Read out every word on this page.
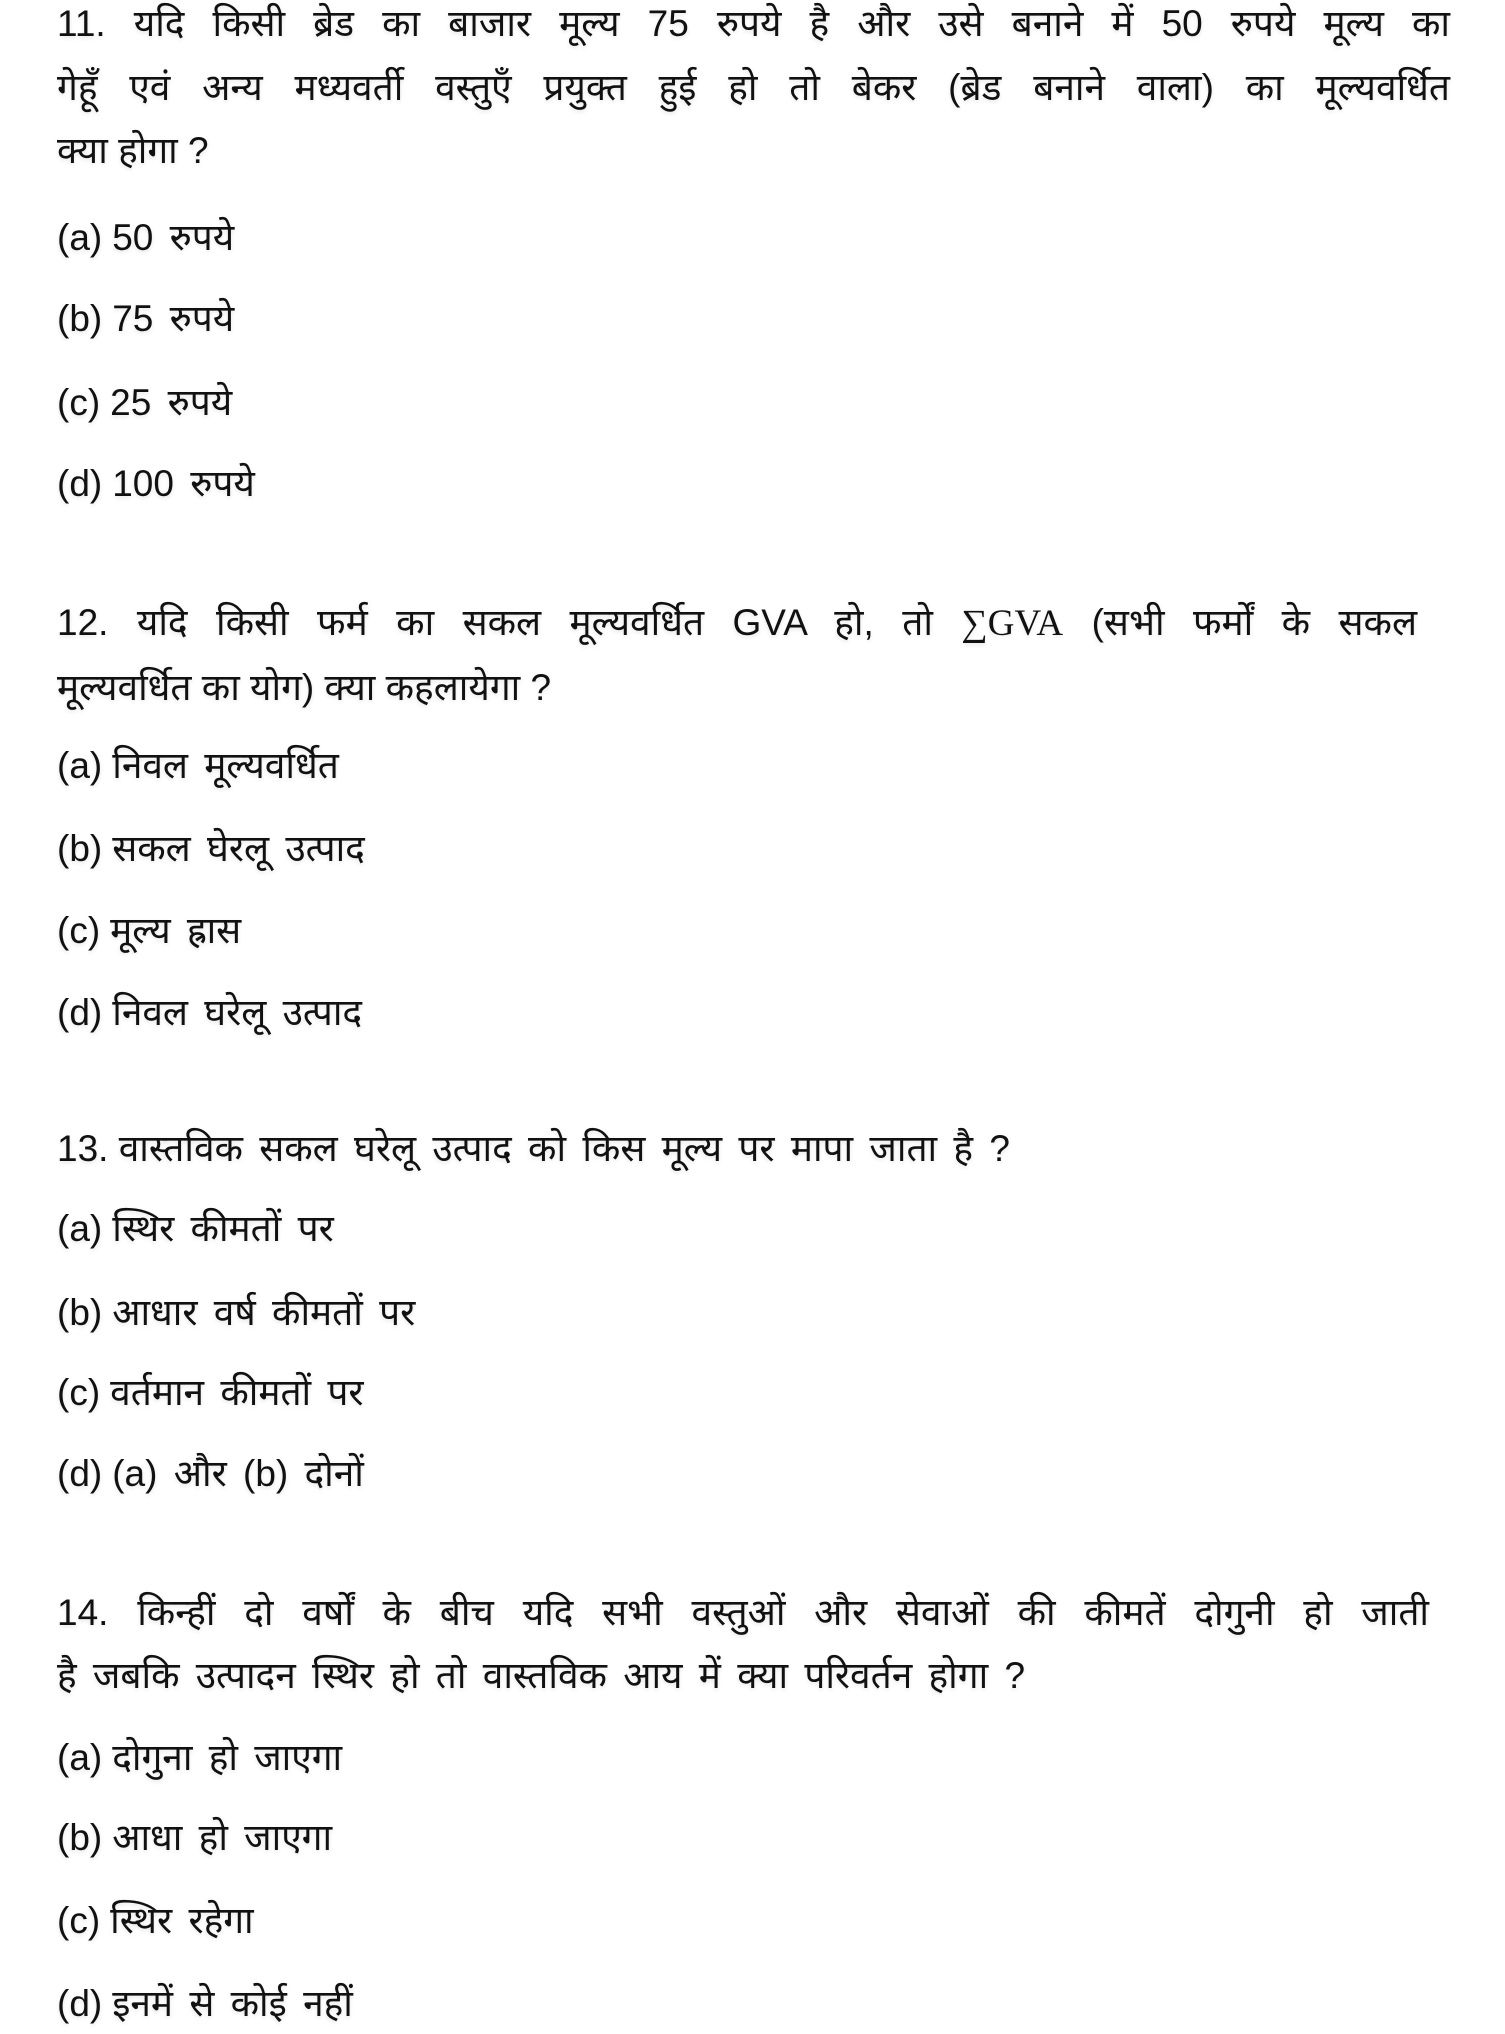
11. यदि किसी ब्रेड का बाजार मूल्य 75 रुपये है और उसे बनाने में 50 रुपये मूल्य का
गेहूँ एवं अन्य मध्यवर्ती वस्तुएँ प्रयुक्त हुई हो तो बेकर (ब्रेड बनाने वाला) का मूल्यवर्धित
क्या होगा ?
(a) 50 रुपये
(b) 75 रुपये
(c) 25 रुपये
(d) 100 रुपये
12. यदि किसी फर्म का सकल मूल्यवर्धित GVA हो, तो ∑GVA (सभी फर्मों के सकल
मूल्यवर्धित का योग) क्या कहलायेगा ?
(a) निवल मूल्यवर्धित
(b) सकल घेरलू उत्पाद
(c) मूल्य ह्रास
(d) निवल घरेलू उत्पाद
13. वास्तविक सकल घरेलू उत्पाद को किस मूल्य पर मापा जाता है ?
(a) स्थिर कीमतों पर
(b) आधार वर्ष कीमतों पर
(c) वर्तमान कीमतों पर
(d) (a) और (b) दोनों
14. किन्हीं दो वर्षों के बीच यदि सभी वस्तुओं और सेवाओं की कीमतें दोगुनी हो जाती
है जबकि उत्पादन स्थिर हो तो वास्तविक आय में क्या परिवर्तन होगा ?
(a) दोगुना हो जाएगा
(b) आधा हो जाएगा
(c) स्थिर रहेगा
(d) इनमें से कोई नहीं
